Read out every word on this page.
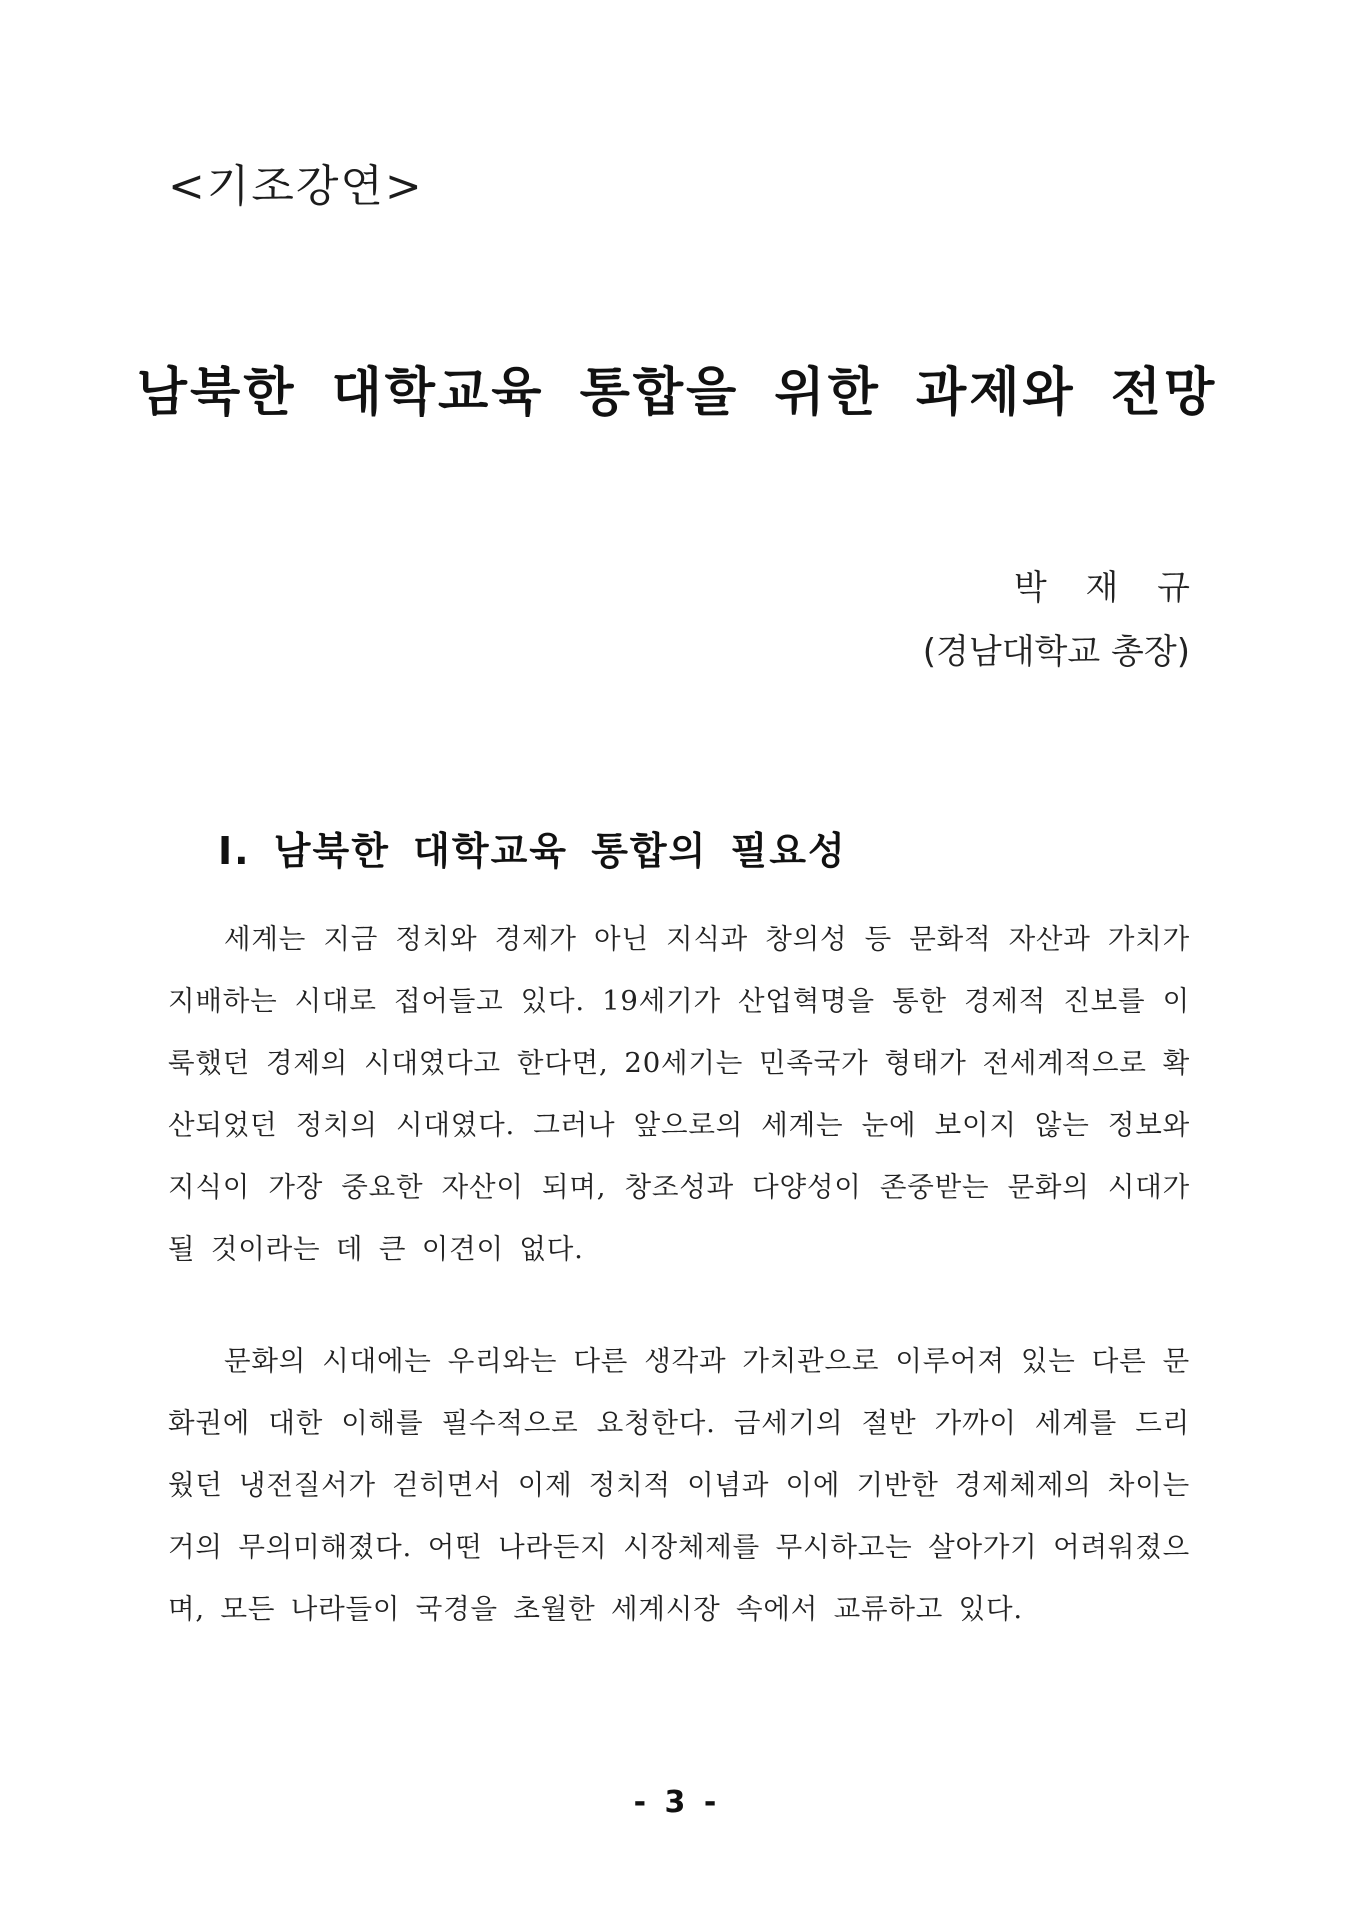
<기조강연>
남북한 대학교육 통합을 위한 과제와 전망
박 재 규
(경남대학교 총장)
I. 남북한 대학교육 통합의 필요성

세계는 지금 정치와 경제가 아닌 지식과 창의성 등 문화적 자산과 가치가 지배하는 시대로 접어들고 있다. 19세기가 산업혁명을 통한 경제적 진보를 이룩했던 경제의 시대였다고 한다면, 20세기는 민족국가 형태가 전세계적으로 확산되었던 정치의 시대였다. 그러나 앞으로의 세계는 눈에 보이지 않는 정보와 지식이 가장 중요한 자산이 되며, 창조성과 다양성이 존중받는 문화의 시대가 될 것이라는 데 큰 이견이 없다.

문화의 시대에는 우리와는 다른 생각과 가치관으로 이루어져 있는 다른 문화권에 대한 이해를 필수적으로 요청한다. 금세기의 절반 가까이 세계를 드리웠던 냉전질서가 걷히면서 이제 정치적 이념과 이에 기반한 경제체제의 차이는 거의 무의미해졌다. 어떤 나라든지 시장체제를 무시하고는 살아가기 어려워졌으며, 모든 나라들이 국경을 초월한 세계시장 속에서 교류하고 있다.

- 3 -
